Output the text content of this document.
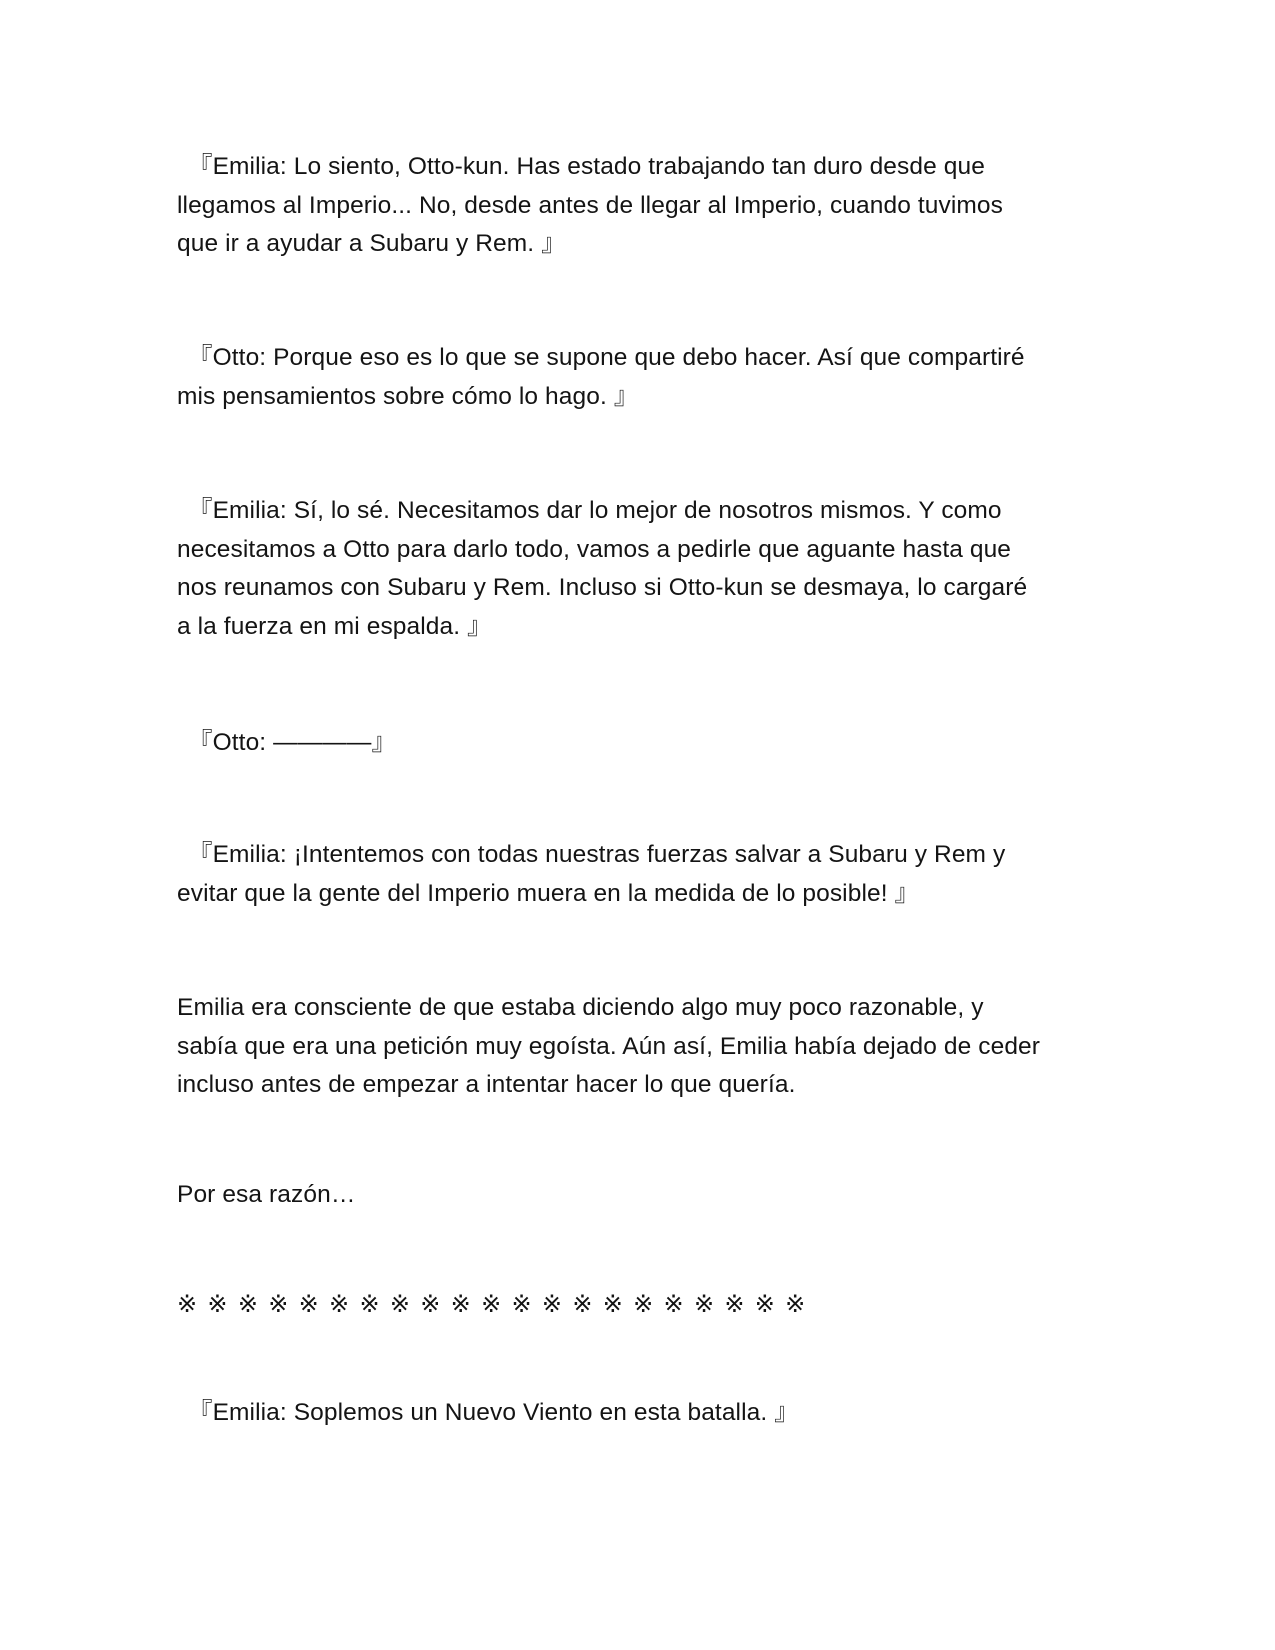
『Emilia: Lo siento, Otto-kun. Has estado trabajando tan duro desde que
llegamos al Imperio... No, desde antes de llegar al Imperio, cuando tuvimos
que ir a ayudar a Subaru y Rem. 』

『Otto: Porque eso es lo que se supone que debo hacer. Así que compartiré
mis pensamientos sobre cómo lo hago. 』

『Emilia: Sí, lo sé. Necesitamos dar lo mejor de nosotros mismos. Y como
necesitamos a Otto para darlo todo, vamos a pedirle que aguante hasta que
nos reunamos con Subaru y Rem. Incluso si Otto-kun se desmaya, lo cargaré
a la fuerza en mi espalda. 』

『Otto: ————』

『Emilia: ¡Intentemos con todas nuestras fuerzas salvar a Subaru y Rem y
evitar que la gente del Imperio muera en la medida de lo posible! 』

Emilia era consciente de que estaba diciendo algo muy poco razonable, y
sabía que era una petición muy egoísta. Aún así, Emilia había dejado de ceder
incluso antes de empezar a intentar hacer lo que quería.

Por esa razón…

※※※※※※※※※※※※※※※※※※※※※

『Emilia: Soplemos un Nuevo Viento en esta batalla. 』
